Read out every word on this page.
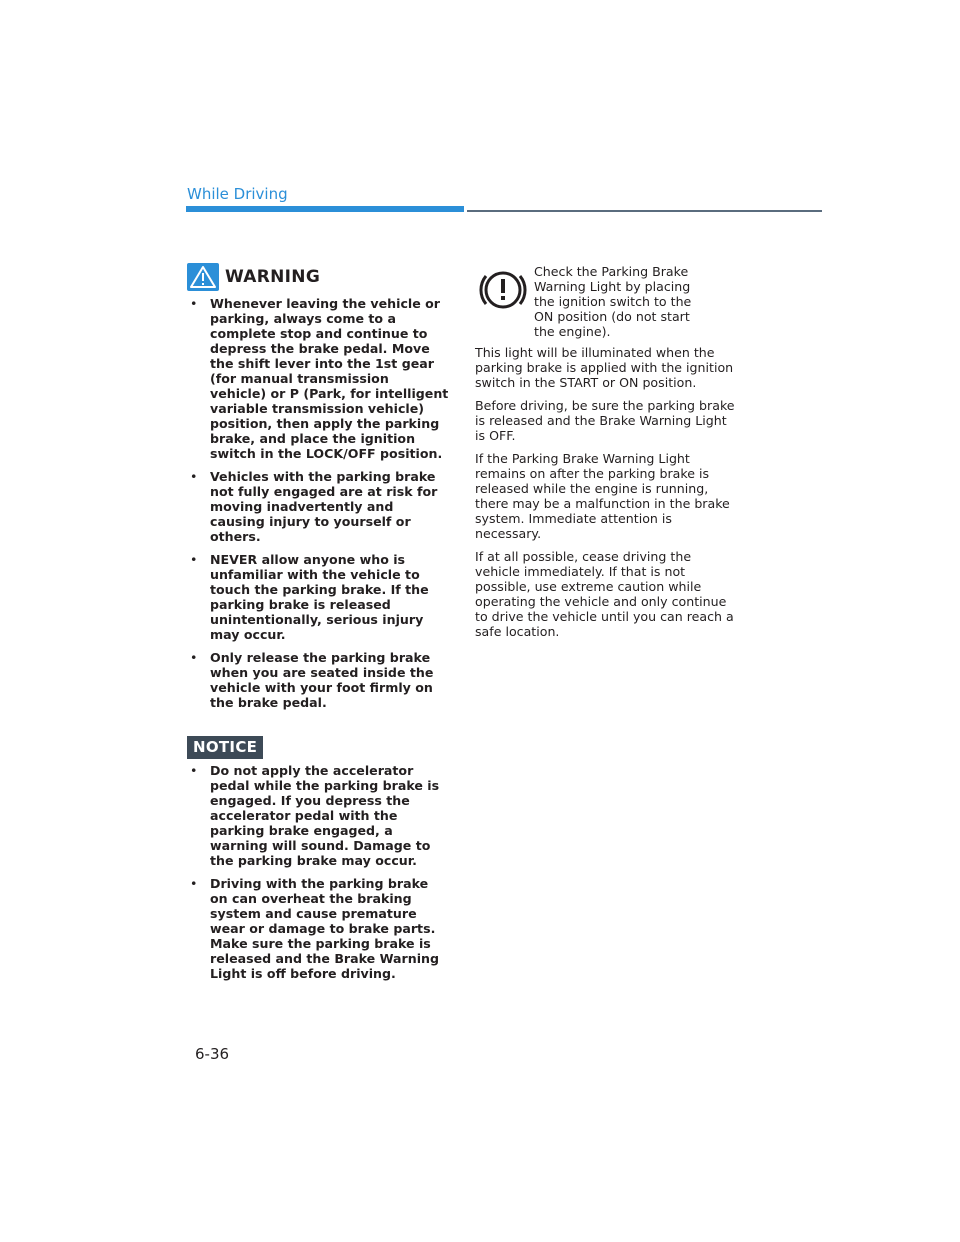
While Driving
WARNING
• Whenever leaving the vehicle or parking, always come to a complete stop and continue to depress the brake pedal. Move the shift lever into the 1st gear (for manual transmission vehicle) or P (Park, for intelligent variable transmission vehicle) position, then apply the parking brake, and place the ignition switch in the LOCK/OFF position.
• Vehicles with the parking brake not fully engaged are at risk for moving inadvertently and causing injury to yourself or others.
• NEVER allow anyone who is unfamiliar with the vehicle to touch the parking brake. If the parking brake is released unintentionally, serious injury may occur.
• Only release the parking brake when you are seated inside the vehicle with your foot firmly on the brake pedal.
NOTICE
• Do not apply the accelerator pedal while the parking brake is engaged. If you depress the accelerator pedal with the parking brake engaged, a warning will sound. Damage to the parking brake may occur.
• Driving with the parking brake on can overheat the braking system and cause premature wear or damage to brake parts. Make sure the parking brake is released and the Brake Warning Light is off before driving.
Check the Parking Brake Warning Light by placing the ignition switch to the ON position (do not start the engine).

This light will be illuminated when the parking brake is applied with the ignition switch in the START or ON position.

Before driving, be sure the parking brake is released and the Brake Warning Light is OFF.

If the Parking Brake Warning Light remains on after the parking brake is released while the engine is running, there may be a malfunction in the brake system. Immediate attention is necessary.

If at all possible, cease driving the vehicle immediately. If that is not possible, use extreme caution while operating the vehicle and only continue to drive the vehicle until you can reach a safe location.

6-36
